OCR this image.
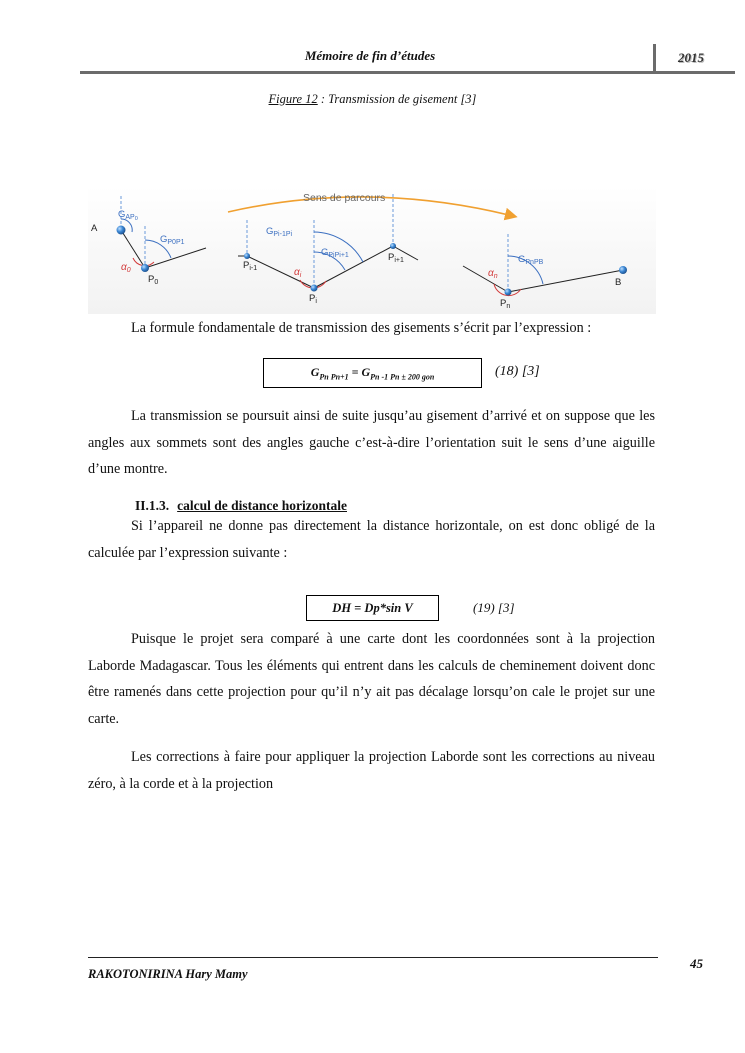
Mémoire de fin d’études	2015
Figure 12 : Transmission de gisement [3]
Sens de parcours
A
$P_0$
$P_{i-1}$
$P_i$
$P_{i+1}$
$P_n$
B
$G_{AP}0$
$G_{P0P1}$
$G_{Pi-1Pi}$
$G_{PiPi+1}$	$G_{PnPB}$
$\alpha_0$	$\alpha_i$	$\alpha_n$
La formule fondamentale de transmission des gisements s’écrit par l’expression :
$G_{Pn Pn+1} = G_{Pn -1 Pn \pm 200 gon}$	(18) [3]
La transmission se poursuit ainsi de suite jusqu’au gisement d’arrivé et on suppose que les angles aux sommets sont des angles gauche c’est-à-dire l’orientation suit le sens d’une aiguille d’une montre.
II.1.3. calcul de distance horizontale
Si l’appareil ne donne pas directement la distance horizontale, on est donc obligé de la calculée par l’expression suivante :
DH = Dp*sin V	(19) [3]
Puisque le projet sera comparé à une carte dont les coordonnées sont à la projection Laborde Madagascar. Tous les éléments qui entrent dans les calculs de cheminement doivent donc être ramenés dans cette projection pour qu’il n’y ait pas décalage lorsqu’on cale le projet sur une carte.
Les corrections à faire pour appliquer la projection Laborde sont les corrections au niveau zéro, à la corde et à la projection
45
RAKOTONIRINA Hary Mamy
